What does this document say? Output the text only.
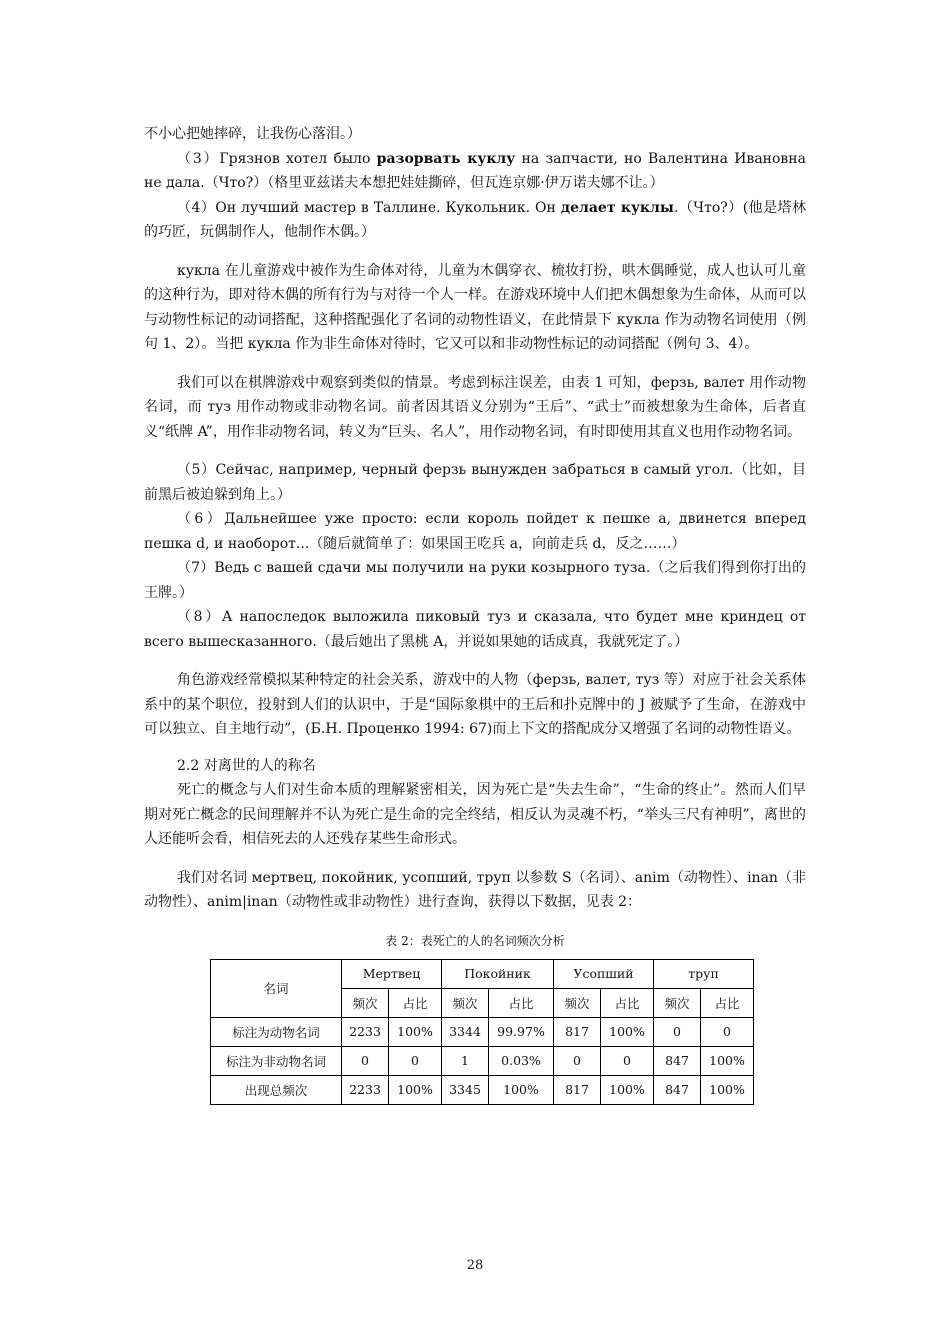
不小心把她摔碎，让我伤心落泪。）

（3）Грязнов хотел было разорвать куклу на запчасти, но Валентина Ивановна не дала.（Что?）（格里亚兹诺夫本想把娃娃撕碎，但瓦连京娜·伊万诺夫娜不让。）

（4）Он лучший мастер в Таллине. Кукольник. Он делает куклы.（Что?）(他是塔林的巧匠，玩偶制作人，他制作木偶。）

кукла 在儿童游戏中被作为生命体对待，儿童为木偶穿衣、梳妆打扮，哄木偶睡觉，成人也认可儿童的这种行为，即对待木偶的所有行为与对待一个人一样。在游戏环境中人们把木偶想象为生命体，从而可以与动物性标记的动词搭配，这种搭配强化了名词的动物性语义，在此情景下 кукла 作为动物名词使用（例句 1、2）。当把 кукла 作为非生命体对待时，它又可以和非动物性标记的动词搭配（例句 3、4）。

我们可以在棋牌游戏中观察到类似的情景。考虑到标注误差，由表 1 可知，ферзь, валет 用作动物名词，而 туз 用作动物或非动物名词。前者因其语义分别为“王后”、“武士”而被想象为生命体，后者直义“纸牌 A”，用作非动物名词，转义为“巨头、名人”，用作动物名词，有时即使用其直义也用作动物名词。

（5）Сейчас, например, черный ферзь вынужден забраться в самый угол.（比如，目前黑后被迫躲到角上。）

（6）Дальнейшее уже просто: если король пойдет к пешке а, двинется вперед пешка d, и наоборот...（随后就简单了：如果国王吃兵 a，向前走兵 d，反之……）

（7）Ведь с вашей сдачи мы получили на руки козырного туза.（之后我们得到你打出的王牌。）

（8）А напоследок выложила пиковый туз и сказала, что будет мне криндец от всего вышесказанного.（最后她出了黑桃 A，并说如果她的话成真，我就死定了。）

角色游戏经常模拟某种特定的社会关系，游戏中的人物（ферзь, валет, туз 等）对应于社会关系体系中的某个职位，投射到人们的认识中，于是“国际象棋中的王后和扑克牌中的 J 被赋予了生命，在游戏中可以独立、自主地行动”，(Б.Н. Проценко 1994: 67)而上下文的搭配成分又增强了名词的动物性语义。

2.2 对离世的人的称名

死亡的概念与人们对生命本质的理解紧密相关，因为死亡是“失去生命”，“生命的终止”。然而人们早期对死亡概念的民间理解并不认为死亡是生命的完全终结，相反认为灵魂不朽，“举头三尺有神明”，离世的人还能听会看，相信死去的人还残存某些生命形式。

我们对名词 мертвец, покойник, усопший, труп 以参数 S（名词）、anim（动物性）、inan（非动物性）、anim|inan（动物性或非动物性）进行查询，获得以下数据，见表 2：

表 2：表死亡的人的名词频次分析

名词	Мертвец		Покойник		Усопший		труп	
	频次	占比	频次	占比	频次	占比	频次	占比
标注为动物名词	2233	100%	3344	99.97%	817	100%	0	0
标注为非动物名词	0	0	1	0.03%	0	0	847	100%
出现总频次	2233	100%	3345	100%	817	100%	847	100%
28
